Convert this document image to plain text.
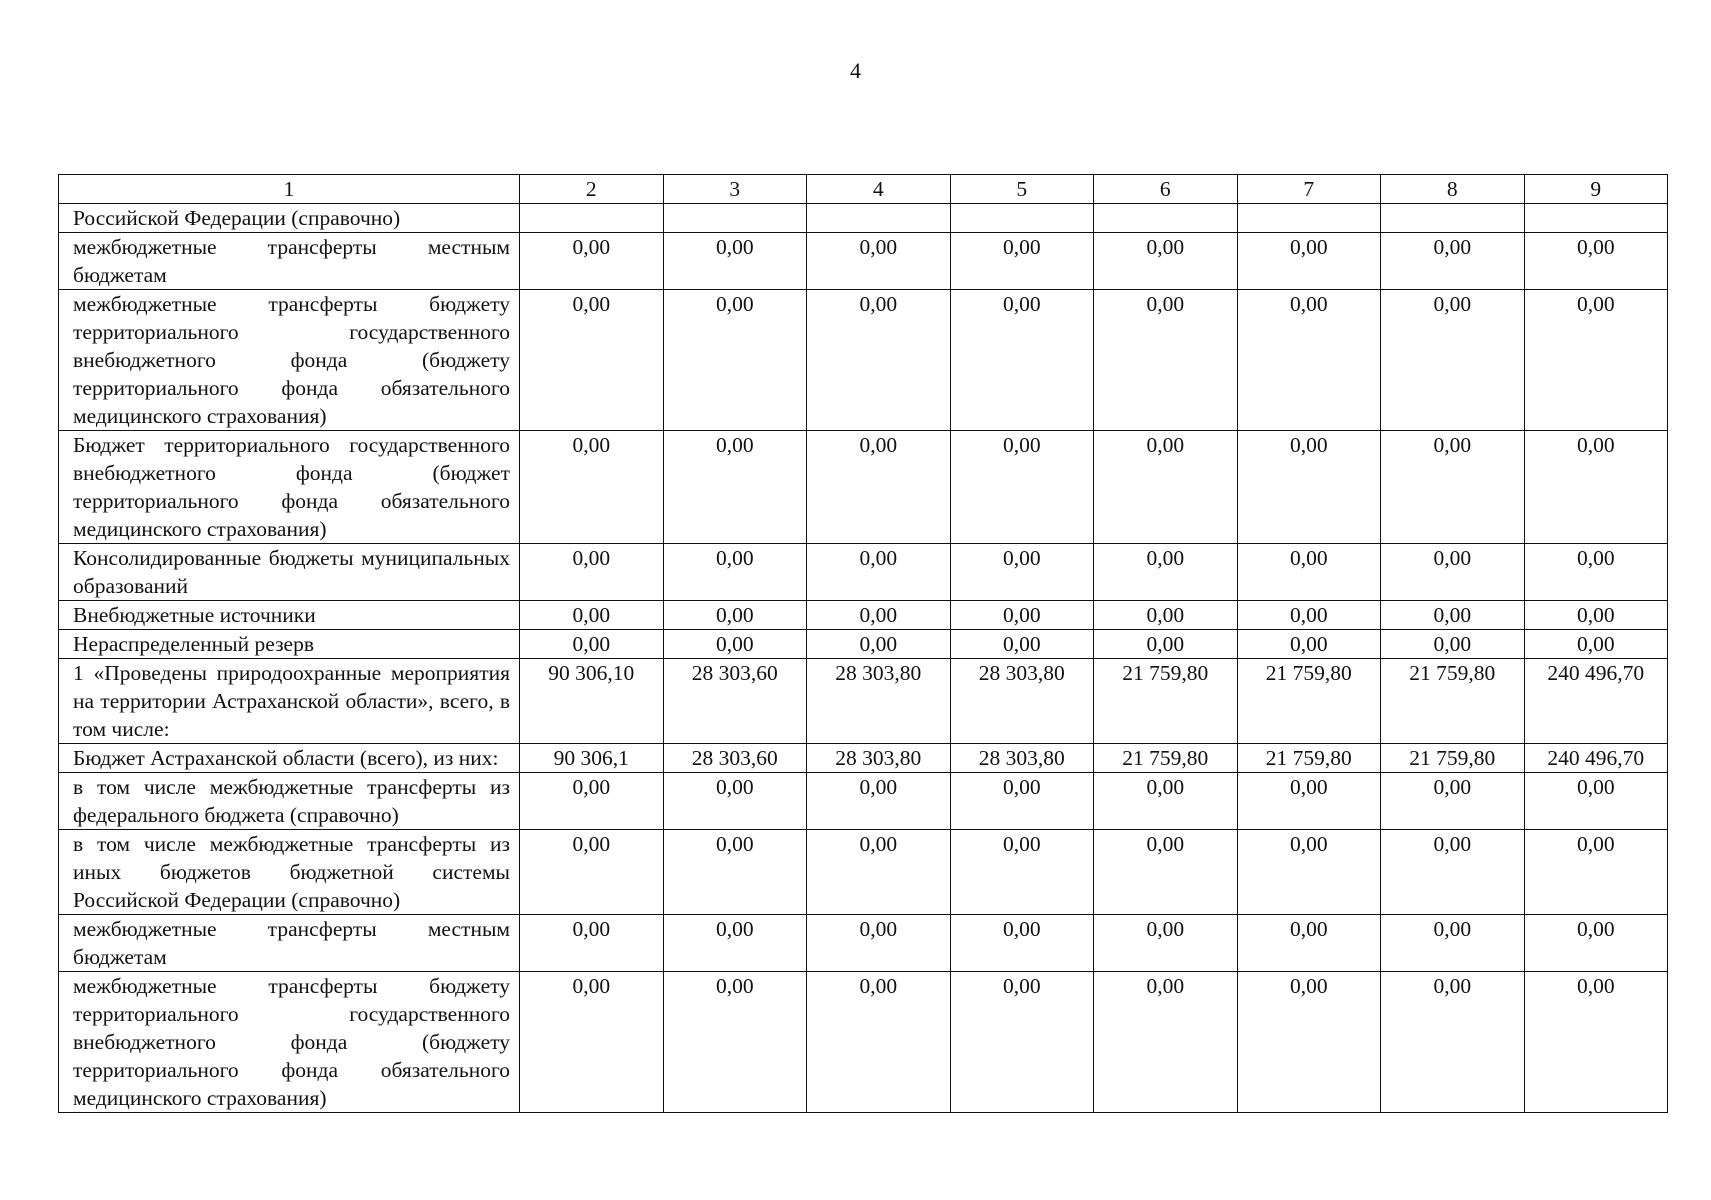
4
1	2	3	4	5	6	7	8	9
Российской Федерации (справочно)								
межбюджетные трансферты местным бюджетам	0,00	0,00	0,00	0,00	0,00	0,00	0,00	0,00
межбюджетные трансферты бюджету территориального государственного внебюджетного фонда (бюджету территориального фонда обязательного медицинского страхования)	0,00	0,00	0,00	0,00	0,00	0,00	0,00	0,00
Бюджет территориального государственного внебюджетного фонда (бюджет территориального фонда обязательного медицинского страхования)	0,00	0,00	0,00	0,00	0,00	0,00	0,00	0,00
Консолидированные бюджеты муниципальных образований	0,00	0,00	0,00	0,00	0,00	0,00	0,00	0,00
Внебюджетные источники	0,00	0,00	0,00	0,00	0,00	0,00	0,00	0,00
Нераспределенный резерв	0,00	0,00	0,00	0,00	0,00	0,00	0,00	0,00
1 «Проведены природоохранные мероприятия на территории Астраханской области», всего, в том числе:	90 306,10	28 303,60	28 303,80	28 303,80	21 759,80	21 759,80	21 759,80	240 496,70
Бюджет Астраханской области (всего), из них:	90 306,1	28 303,60	28 303,80	28 303,80	21 759,80	21 759,80	21 759,80	240 496,70
в том числе межбюджетные трансферты из федерального бюджета (справочно)	0,00	0,00	0,00	0,00	0,00	0,00	0,00	0,00
в том числе межбюджетные трансферты из иных бюджетов бюджетной системы Российской Федерации (справочно)	0,00	0,00	0,00	0,00	0,00	0,00	0,00	0,00
межбюджетные трансферты местным бюджетам	0,00	0,00	0,00	0,00	0,00	0,00	0,00	0,00
межбюджетные трансферты бюджету территориального государственного внебюджетного фонда (бюджету территориального фонда обязательного медицинского страхования)	0,00	0,00	0,00	0,00	0,00	0,00	0,00	0,00
